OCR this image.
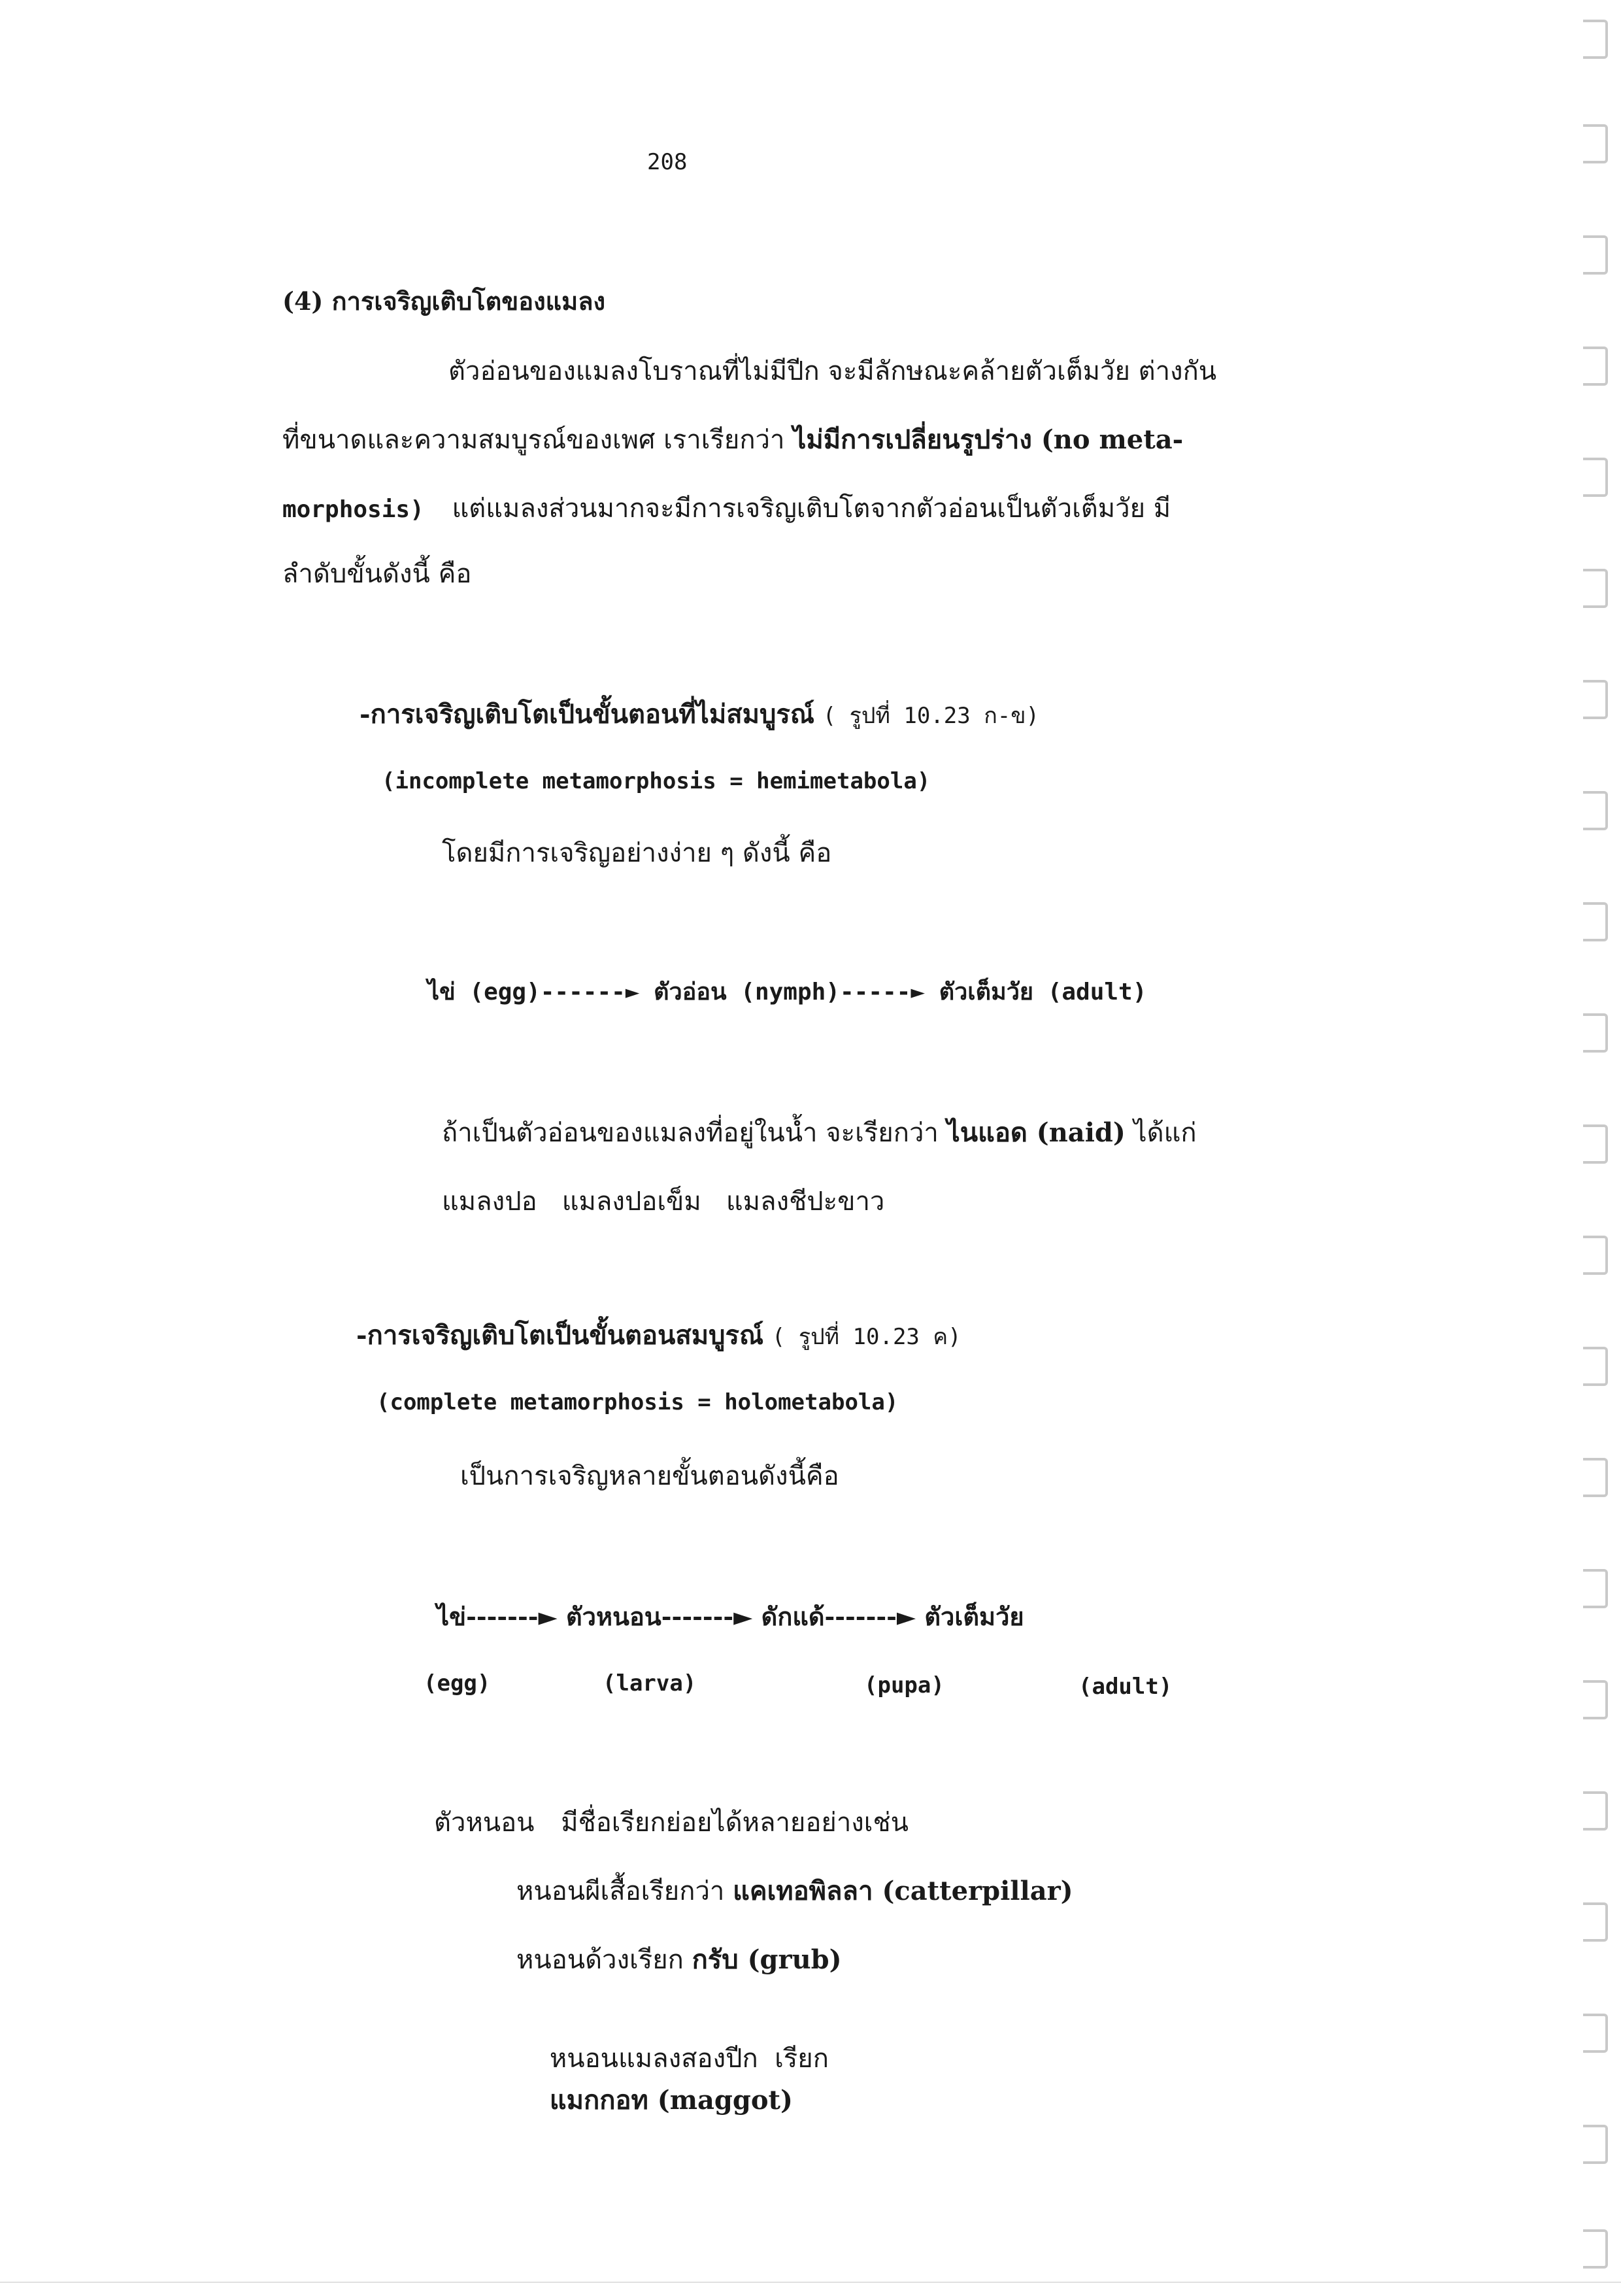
208
(4) การเจริญเติบโตของแมลง
ตัวอ่อนของแมลงโบราณที่ไม่มีปีก จะมีลักษณะคล้ายตัวเต็มวัย ต่างกัน
ที่ขนาดและความสมบูรณ์ของเพศ เราเรียกว่า ไม่มีการเปลี่ยนรูปร่าง (no meta-
morphosis) แต่แมลงส่วนมากจะมีการเจริญเติบโตจากตัวอ่อนเป็นตัวเต็มวัย มี
ลำดับขั้นดังนี้ คือ
-การเจริญเติบโตเป็นขั้นตอนที่ไม่สมบูรณ์ ( รูปที่ 10.23 ก-ข)
(incomplete metamorphosis = hemimetabola)
โดยมีการเจริญอย่างง่าย ๆ ดังนี้ คือ
ไข่ (egg)------► ตัวอ่อน (nymph)-----► ตัวเต็มวัย (adult)
ถ้าเป็นตัวอ่อนของแมลงที่อยู่ในน้ำ จะเรียกว่า ไนแอด (naid) ได้แก่
แมลงปอ   แมลงปอเข็ม   แมลงชีปะขาว
-การเจริญเติบโตเป็นขั้นตอนสมบูรณ์ ( รูปที่ 10.23 ค)
(complete metamorphosis = holometabola)
เป็นการเจริญหลายขั้นตอนดังนี้คือ
ไข่-------► ตัวหนอน-------► ดักแด้-------► ตัวเต็มวัย
(egg)	(larva)	(pupa)	(adult)
ตัวหนอน มีชื่อเรียกย่อยได้หลายอย่างเช่น
หนอนผีเสื้อเรียกว่า แคเทอพิลลา (catterpillar)
หนอนด้วงเรียก กรับ (grub)

หนอนแมลงสองปีก  เรียก
แมกกอท (maggot)
